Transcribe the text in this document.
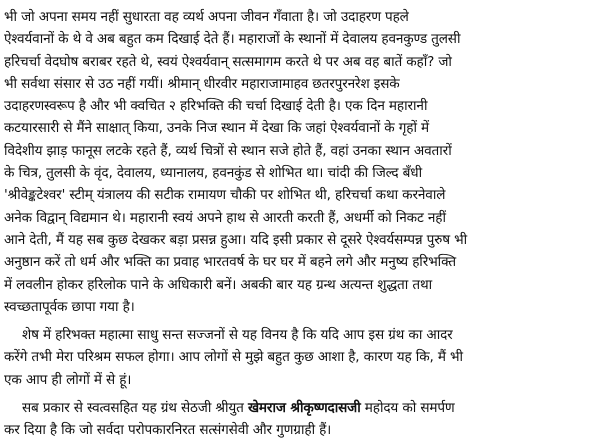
भी जो अपना समय नहीं सुधारता वह व्यर्थ अपना जीवन गँवाता है। जो उदाहरण पहले
ऐश्वर्यवानों के थे वे अब बहुत कम दिखाई देते हैं। महाराजों के स्थानों में देवालय हवनकुण्ड तुलसी
हरिचर्चा वेदघोष बराबर रहते थे, स्वयं ऐश्वर्यवान् सत्समागम करते थे पर अब वह बातें कहाँ? जो
भी सर्वथा संसार से उठ नहीं गयीं। श्रीमान् धीरवीर महाराजामाहव छतरपुरनरेश इसके
उदाहरणस्वरूप है और भी क्वचित २ हरिभक्ति की चर्चा दिखाई देती है। एक दिन महारानी
कटयारसारी से मैंने साक्षात् किया, उनके निज स्थान में देखा कि जहां ऐश्वर्यवानों के गृहों में
विदेशीय झाड़ फानूस लटके रहते हैं, व्यर्थ चित्रों से स्थान सजे होते हैं, वहां उनका स्थान अवतारों
के चित्र, तुलसी के वृंद, देवालय, ध्यानालय, हवनकुंड से शोभित था। चांदी की जिल्द बँधी
'श्रीवेङ्कटेश्वर' स्टीम् यंत्रालय की सटीक रामायण चौकी पर शोभित थी, हरिचर्चा कथा करनेवाले
अनेक विद्वान् विद्यमान थे। महारानी स्वयं अपने हाथ से आरती करती हैं, अधर्मी को निकट नहीं
आने देती, मैं यह सब कुछ देखकर बड़ा प्रसन्न हुआ। यदि इसी प्रकार से दूसरे ऐश्वर्यसम्पन्न पुरुष भी
अनुष्ठान करें तो धर्म और भक्ति का प्रवाह भारतवर्ष के घर घर में बहने लगे और मनुष्य हरिभक्ति
में लवलीन होकर हरिलोक पाने के अधिकारी बनें। अबकी बार यह ग्रन्थ अत्यन्त शुद्धता तथा
स्वच्छतापूर्वक छापा गया है।
शेष में हरिभक्त महात्मा साधु सन्त सज्जनों से यह विनय है कि यदि आप इस ग्रंथ का आदर
करेंगे तभी मेरा परिश्रम सफल होगा। आप लोगों से मुझे बहुत कुछ आशा है, कारण यह कि, मैं भी
एक आप ही लोगों में से हूं।
सब प्रकार से स्वत्वसहित यह ग्रंथ सेठजी श्रीयुत खेमराज श्रीकृष्णदासजी महोदय को समर्पण
कर दिया है कि जो सर्वदा परोपकारनिरत सत्संगसेवी और गुणग्राही हैं।
